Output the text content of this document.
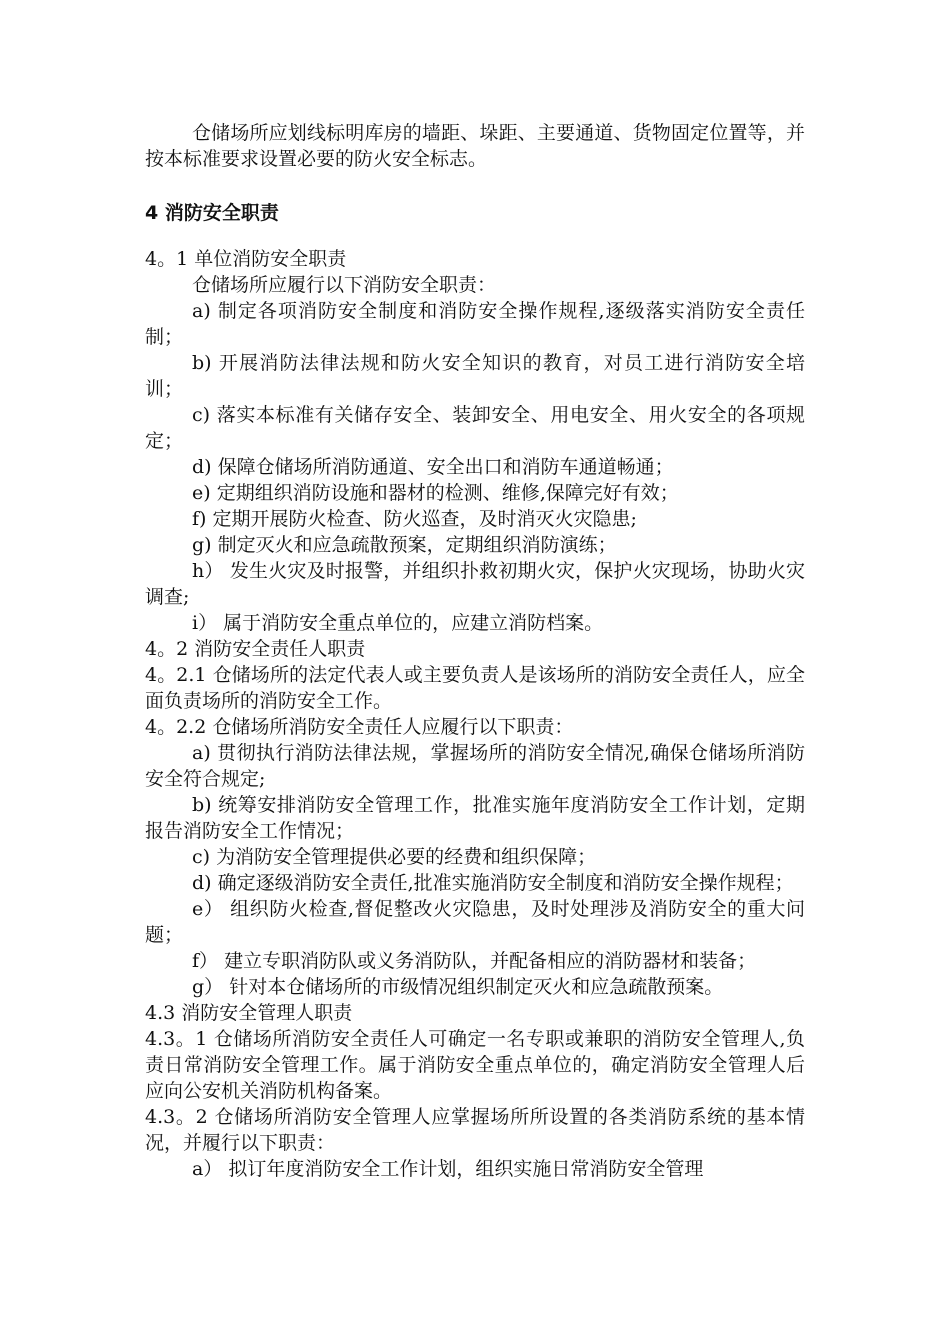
仓储场所应划线标明库房的墙距、垛距、主要通道、货物固定位置等，并按本标准要求设置必要的防火安全标志。

4 消防安全职责

4。1 单位消防安全职责

仓储场所应履行以下消防安全职责：

a) 制定各项消防安全制度和消防安全操作规程,逐级落实消防安全责任制；

b) 开展消防法律法规和防火安全知识的教育，对员工进行消防安全培训；

c) 落实本标准有关储存安全、装卸安全、用电安全、用火安全的各项规定；

d) 保障仓储场所消防通道、安全出口和消防车通道畅通；

e) 定期组织消防设施和器材的检测、维修,保障完好有效；

f) 定期开展防火检查、防火巡查，及时消灭火灾隐患;

g) 制定灭火和应急疏散预案，定期组织消防演练；

h） 发生火灾及时报警，并组织扑救初期火灾，保护火灾现场，协助火灾调查;

i） 属于消防安全重点单位的，应建立消防档案。

4。2 消防安全责任人职责

4。2.1 仓储场所的法定代表人或主要负责人是该场所的消防安全责任人，应全面负责场所的消防安全工作。

4。2.2 仓储场所消防安全责任人应履行以下职责：

a) 贯彻执行消防法律法规，掌握场所的消防安全情况,确保仓储场所消防安全符合规定;

b) 统筹安排消防安全管理工作，批准实施年度消防安全工作计划，定期报告消防安全工作情况；

c) 为消防安全管理提供必要的经费和组织保障；

d) 确定逐级消防安全责任,批准实施消防安全制度和消防安全操作规程；

e） 组织防火检查,督促整改火灾隐患，及时处理涉及消防安全的重大问题；

f） 建立专职消防队或义务消防队，并配备相应的消防器材和装备；

g） 针对本仓储场所的市级情况组织制定灭火和应急疏散预案。

4.3 消防安全管理人职责

4.3。1 仓储场所消防安全责任人可确定一名专职或兼职的消防安全管理人,负责日常消防安全管理工作。属于消防安全重点单位的，确定消防安全管理人后应向公安机关消防机构备案。

4.3。2 仓储场所消防安全管理人应掌握场所所设置的各类消防系统的基本情况，并履行以下职责：

a） 拟订年度消防安全工作计划，组织实施日常消防安全管理
